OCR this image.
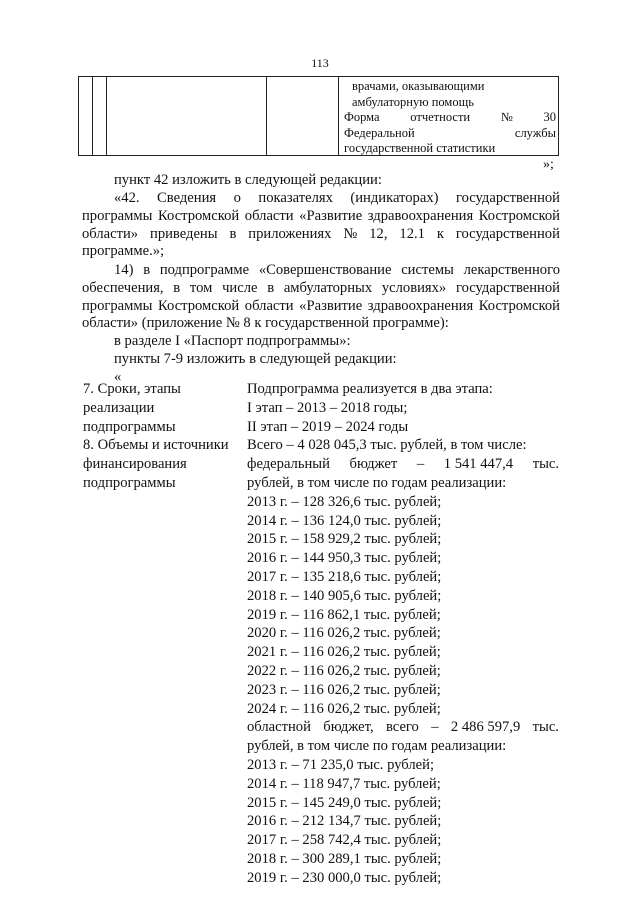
113
врачами, оказывающими
амбулаторную помощь
Форма отчетности № 30
Федеральной	службы
государственной статистики
»;
пункт 42 изложить в следующей редакции:
«42. Сведения о показателях (индикаторах) государственной
программы Костромской области «Развитие здравоохранения Костромской
области» приведены в приложениях № 12, 12.1 к государственной
программе.»;
14) в подпрограмме «Совершенствование системы лекарственного
обеспечения, в том числе в амбулаторных условиях» государственной
программы Костромской области «Развитие здравоохранения Костромской
области» (приложение № 8 к государственной программе):
в разделе I «Паспорт подпрограммы»:
пункты 7-9 изложить в следующей редакции:
«
7. Сроки, этапы
реализации
подпрограммы
8. Объемы и источники
финансирования
подпрограммы
Подпрограмма реализуется в два этапа:
I этап – 2013 – 2018 годы;
II этап – 2019 – 2024 годы
Всего – 4 028 045,3 тыс. рублей, в том числе:
федеральный бюджет – 1 541 447,4 тыс.
рублей, в том числе по годам реализации:
2013 г. – 128 326,6 тыс. рублей;
2014 г. – 136 124,0 тыс. рублей;
2015 г. – 158 929,2 тыс. рублей;
2016 г. – 144 950,3 тыс. рублей;
2017 г. – 135 218,6 тыс. рублей;
2018 г. – 140 905,6 тыс. рублей;
2019 г. – 116 862,1 тыс. рублей;
2020 г. – 116 026,2 тыс. рублей;
2021 г. – 116 026,2 тыс. рублей;
2022 г. – 116 026,2 тыс. рублей;
2023 г. – 116 026,2 тыс. рублей;
2024 г. – 116 026,2 тыс. рублей;
областной бюджет, всего – 2 486 597,9 тыс.
рублей, в том числе по годам реализации:
2013 г. – 71 235,0 тыс. рублей;
2014 г. – 118 947,7 тыс. рублей;
2015 г. – 145 249,0 тыс. рублей;
2016 г. – 212 134,7 тыс. рублей;
2017 г. – 258 742,4 тыс. рублей;
2018 г. – 300 289,1 тыс. рублей;
2019 г. – 230 000,0 тыс. рублей;
